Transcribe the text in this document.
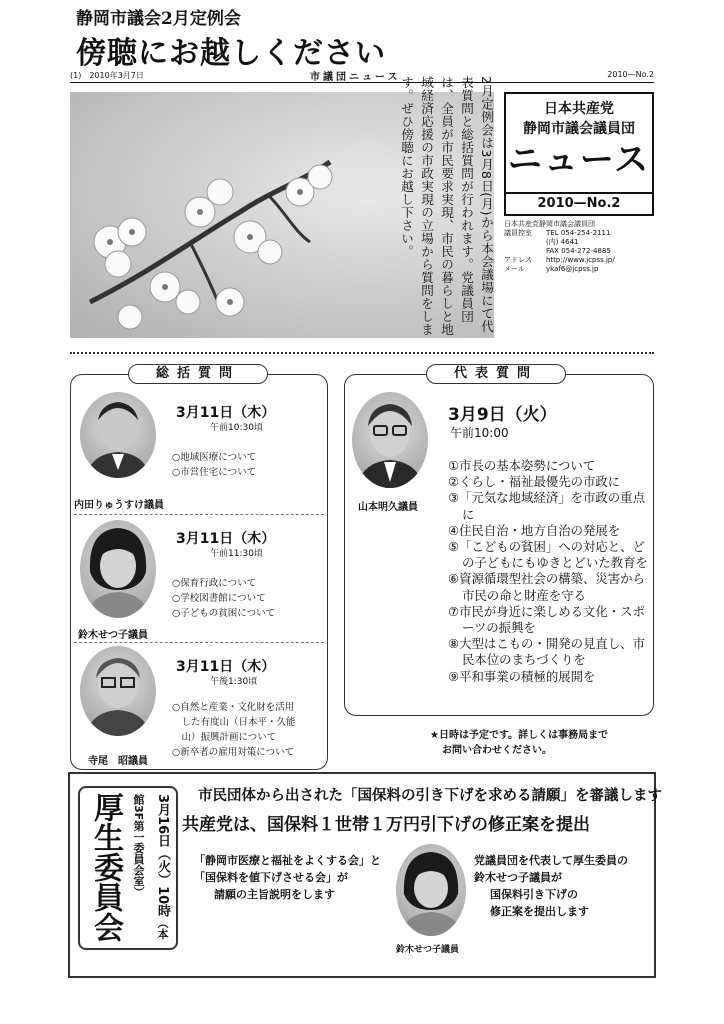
(1)　2010年3月7日	市議団ニュース	2010—No.2
静岡市議会2月定例会
傍聴にお越しください
2月定例会は3月8日(月)から本会議場にて代表質問と総括質問が行われます。党議員団は、全員が市民要求実現、市民の暮らしと地域経済応援の市政実現の立場から質問をします。ぜひ傍聴にお越し下さい。	日本共産党
静岡市議会議員団
ニュース
2010—No.2
日本共産党静岡市議会議員団
議員控室	TEL 054-254-2111
(内) 4641
FAX 054-272-4885
アドレス	http://www.jcpss.jp/
メール	ykaf6@jcpss.jp
総括質問
内田りゅうすけ議員
3月11日（木）
午前10:30頃
○地域医療について
○市営住宅について
鈴木せつ子議員
3月11日（木）
午前11:30頃
○保育行政について
○学校図書館について
○子どもの貧困について
寺尾　昭議員
3月11日（木）
午後1:30頃
○自然と産業・文化財を活用
　した有度山（日本平・久能
　山）振興計画について
○新卒者の雇用対策について
代表質問
山本明久議員
3月9日（火）
午前10:00
①市長の基本姿勢について
②くらし・福祉最優先の市政に
③「元気な地域経済」を市政の重点に
④住民自治・地方自治の発展を
⑤「こどもの貧困」への対応と、どの子どもにもゆきとどいた教育を
⑥資源循環型社会の構築、災害から市民の命と財産を守る
⑦市民が身近に楽しめる文化・スポーツの振興を
⑧大型はこもの・開発の見直し、市民本位のまちづくりを
⑨平和事業の積極的展開を
★日時は予定です。詳しくは事務局まで
お問い合わせください。
厚生委員会	3月16日（火）10時（本館3F第一委員会室）	市民団体から出された「国保料の引き下げを求める請願」を審議します
共産党は、国保料１世帯１万円引下げの修正案を提出
「静岡市医療と福祉をよくする会」と
「国保料を値下げさせる会」が
請願の主旨説明をします
鈴木せつ子議員
党議員団を代表して厚生委員の
鈴木せつ子議員が
国保料引き下げの
修正案を提出します
